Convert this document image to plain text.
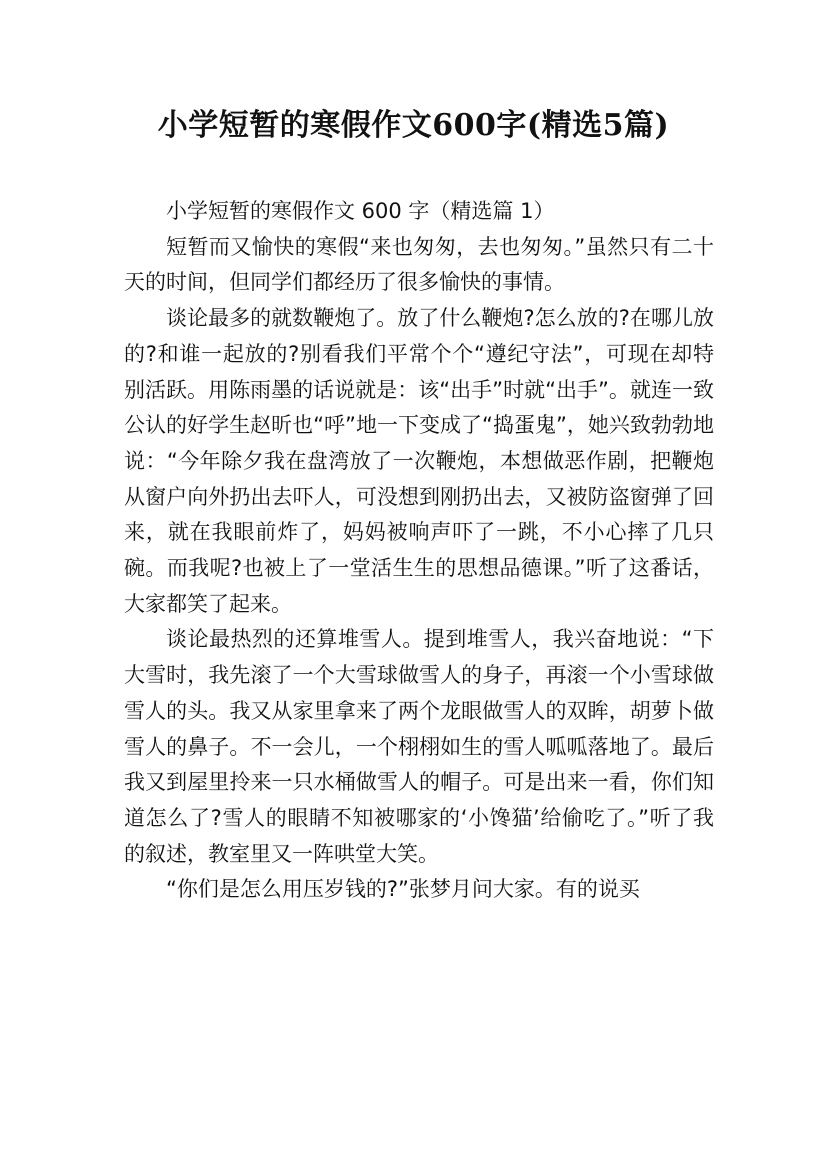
小学短暂的寒假作文600字(精选5篇)

小学短暂的寒假作文 600 字（精选篇 1）

短暂而又愉快的寒假“来也匆匆，去也匆匆。”虽然只有二十天的时间，但同学们都经历了很多愉快的事情。

谈论最多的就数鞭炮了。放了什么鞭炮?怎么放的?在哪儿放的?和谁一起放的?别看我们平常个个“遵纪守法”，可现在却特别活跃。用陈雨墨的话说就是：该“出手”时就“出手”。就连一致公认的好学生赵昕也“呼”地一下变成了“捣蛋鬼”，她兴致勃勃地说：“今年除夕我在盘湾放了一次鞭炮，本想做恶作剧，把鞭炮从窗户向外扔出去吓人，可没想到刚扔出去，又被防盗窗弹了回来，就在我眼前炸了，妈妈被响声吓了一跳，不小心摔了几只碗。而我呢?也被上了一堂活生生的思想品德课。”听了这番话，大家都笑了起来。

谈论最热烈的还算堆雪人。提到堆雪人，我兴奋地说：“下大雪时，我先滚了一个大雪球做雪人的身子，再滚一个小雪球做雪人的头。我又从家里拿来了两个龙眼做雪人的双眸，胡萝卜做雪人的鼻子。不一会儿，一个栩栩如生的雪人呱呱落地了。最后我又到屋里拎来一只水桶做雪人的帽子。可是出来一看，你们知道怎么了?雪人的眼睛不知被哪家的‘小馋猫’给偷吃了。”听了我的叙述，教室里又一阵哄堂大笑。

“你们是怎么用压岁钱的?”张梦月问大家。有的说买
